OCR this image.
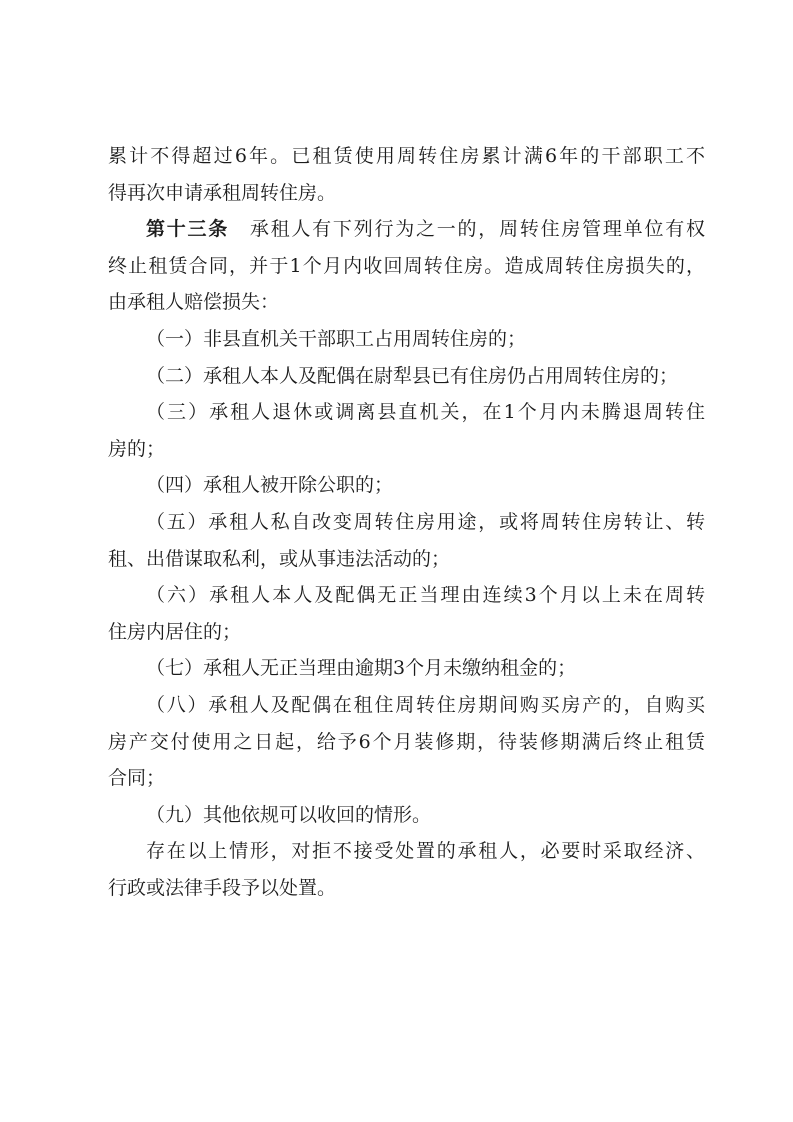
累计不得超过6年。已租赁使用周转住房累计满6年的干部职工不
得再次申请承租周转住房。
第十三条　 承租人有下列行为之一的，周转住房管理单位有权
终止租赁合同，并于1个月内收回周转住房。造成周转住房损失的，
由承租人赔偿损失：
（一）非县直机关干部职工占用周转住房的；
（二）承租人本人及配偶在尉犁县已有住房仍占用周转住房的；
（三）承租人退休或调离县直机关，在1个月内未腾退周转住
房的；
（四）承租人被开除公职的；
（五）承租人私自改变周转住房用途，或将周转住房转让、转
租、出借谋取私利，或从事违法活动的；
（六）承租人本人及配偶无正当理由连续3个月以上未在周转
住房内居住的；
（七）承租人无正当理由逾期3个月未缴纳租金的；
（八）承租人及配偶在租住周转住房期间购买房产的，自购买
房产交付使用之日起，给予6个月装修期，待装修期满后终止租赁
合同；
（九）其他依规可以收回的情形。
存在以上情形，对拒不接受处置的承租人，必要时采取经济、
行政或法律手段予以处置。
